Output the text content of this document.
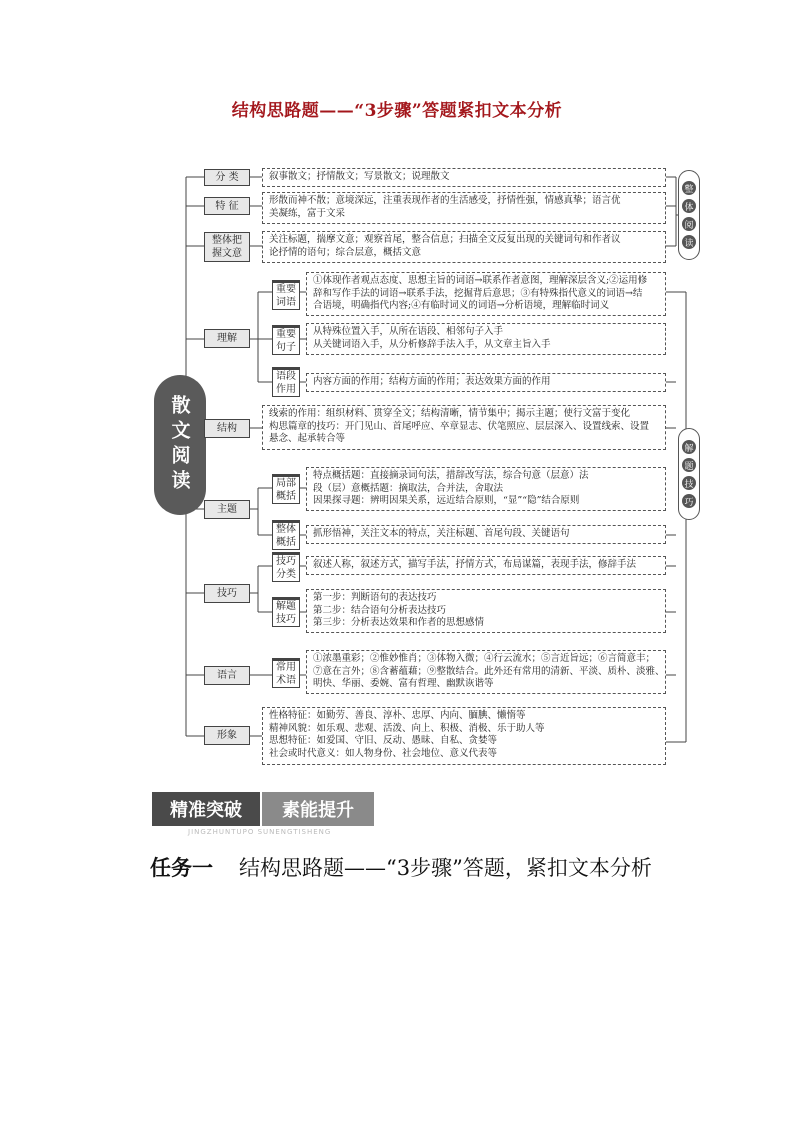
结构思路题——“3步骤”答题紧扣文本分析
散文阅读
分 类
特 征
整体把
握文意
理解
结构
主题
技巧
语言
形象
重要
词语
重要
句子
语段
作用
局部
概括
整体
概括
技巧
分类
解题
技巧
常用
术语
叙事散文；抒情散文；写景散文；说理散文
形散而神不散；意境深远，注重表现作者的生活感受，抒情性强，情感真挚；语言优
美凝练，富于文采
关注标题，揣摩文意；观察首尾，整合信息；扫描全文反复出现的关键词句和作者议
论抒情的语句；综合层意，概括文意
①体现作者观点态度、思想主旨的词语→联系作者意图，理解深层含义;②运用修
辞和写作手法的词语→联系手法，挖掘背后意思；③有特殊指代意义的词语→结
合语境，明确指代内容;④有临时词义的词语→分析语境，理解临时词义
从特殊位置入手，从所在语段、相邻句子入手
从关键词语入手，从分析修辞手法入手，从文章主旨入手
内容方面的作用；结构方面的作用；表达效果方面的作用
线索的作用：组织材料、贯穿全文；结构清晰，情节集中；揭示主题；使行文富于变化
构思篇章的技巧：开门见山、首尾呼应、卒章显志、伏笔照应、层层深入、设置线索、设置
悬念、起承转合等
特点概括题：直接摘录词句法，措辞改写法，综合句意（层意）法
段（层）意概括题：摘取法，合并法，舍取法
因果探寻题：辨明因果关系，远近结合原则，“显”“隐”结合原则
抓形悟神，关注文本的特点，关注标题、首尾句段、关键语句
叙述人称，叙述方式，描写手法，抒情方式，布局谋篇，表现手法，修辞手法
第一步：判断语句的表达技巧
第二步：结合语句分析表达技巧
第三步：分析表达效果和作者的思想感情
①浓墨重彩；②惟妙惟肖；③体物入微；④行云流水；⑤言近旨远；⑥言简意丰；
⑦意在言外；⑧含蓄蕴藉；⑨整散结合。此外还有常用的清新、平淡、质朴、淡雅、
明快、华丽、委婉、富有哲理、幽默诙谐等
性格特征：如勤劳、善良、淳朴、忠厚、内向、腼腆、懒惰等
精神风貌：如乐观、悲观、活泼、向上、积极、消极、乐于助人等
思想特征：如爱国、守旧、反动、愚昧、自私、贪婪等
社会或时代意义：如人物身份、社会地位、意义代表等
整
体
阅
读
解
题
技
巧
精准突破	素能提升
JINGZHUNTUPO SUNENGTISHENG
任务一 结构思路题——“3步骤”答题，紧扣文本分析
